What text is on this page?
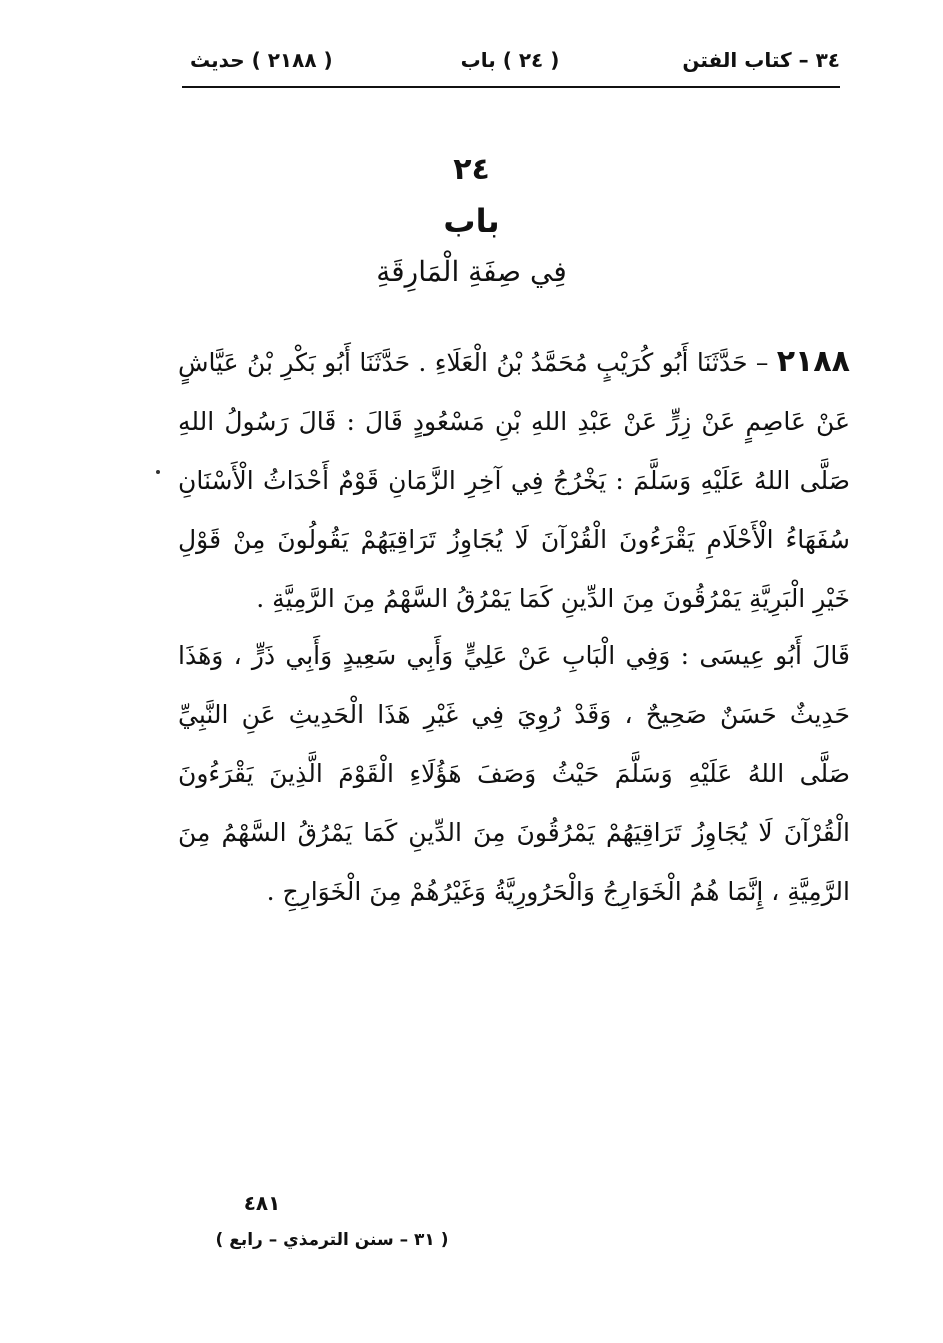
٣٤ – كتاب الفتن
( ٢٤ ) باب
( ٢١٨٨ ) حديث
٢٤
باب
فِي صِفَةِ الْمَارِقَةِ
٢١٨٨ – حَدَّثَنَا أَبُو كُرَيْبٍ مُحَمَّدُ بْنُ الْعَلَاءِ . حَدَّثَنَا أَبُو بَكْرِ بْنُ عَيَّاشٍ عَنْ عَاصِمٍ عَنْ زِرٍّ عَنْ عَبْدِ اللهِ بْنِ مَسْعُودٍ قَالَ : قَالَ رَسُولُ اللهِ صَلَّى اللهُ عَلَيْهِ وَسَلَّمَ : يَخْرُجُ فِي آخِرِ الزَّمَانِ قَوْمٌ أَحْدَاثُ الْأَسْنَانِ سُفَهَاءُ الْأَحْلَامِ يَقْرَءُونَ الْقُرْآنَ لَا يُجَاوِزُ تَرَاقِيَهُمْ يَقُولُونَ مِنْ قَوْلِ خَيْرِ الْبَرِيَّةِ يَمْرُقُونَ مِنَ الدِّينِ كَمَا يَمْرُقُ السَّهْمُ مِنَ الرَّمِيَّةِ .
قَالَ أَبُو عِيسَى : وَفِي الْبَابِ عَنْ عَلِيٍّ وَأَبِي سَعِيدٍ وَأَبِي ذَرٍّ ، وَهَذَا حَدِيثٌ حَسَنٌ صَحِيحٌ ، وَقَدْ رُوِيَ فِي غَيْرِ هَذَا الْحَدِيثِ عَنِ النَّبِيِّ صَلَّى اللهُ عَلَيْهِ وَسَلَّمَ حَيْثُ وَصَفَ هَؤُلَاءِ الْقَوْمَ الَّذِينَ يَقْرَءُونَ الْقُرْآنَ لَا يُجَاوِزُ تَرَاقِيَهُمْ يَمْرُقُونَ مِنَ الدِّينِ كَمَا يَمْرُقُ السَّهْمُ مِنَ الرَّمِيَّةِ ، إِنَّمَا هُمُ الْخَوَارِجُ وَالْحَرُورِيَّةُ وَغَيْرُهُمْ مِنَ الْخَوَارِجِ .
٤٨١
( ٣١ – سنن الترمذي – رابع )
